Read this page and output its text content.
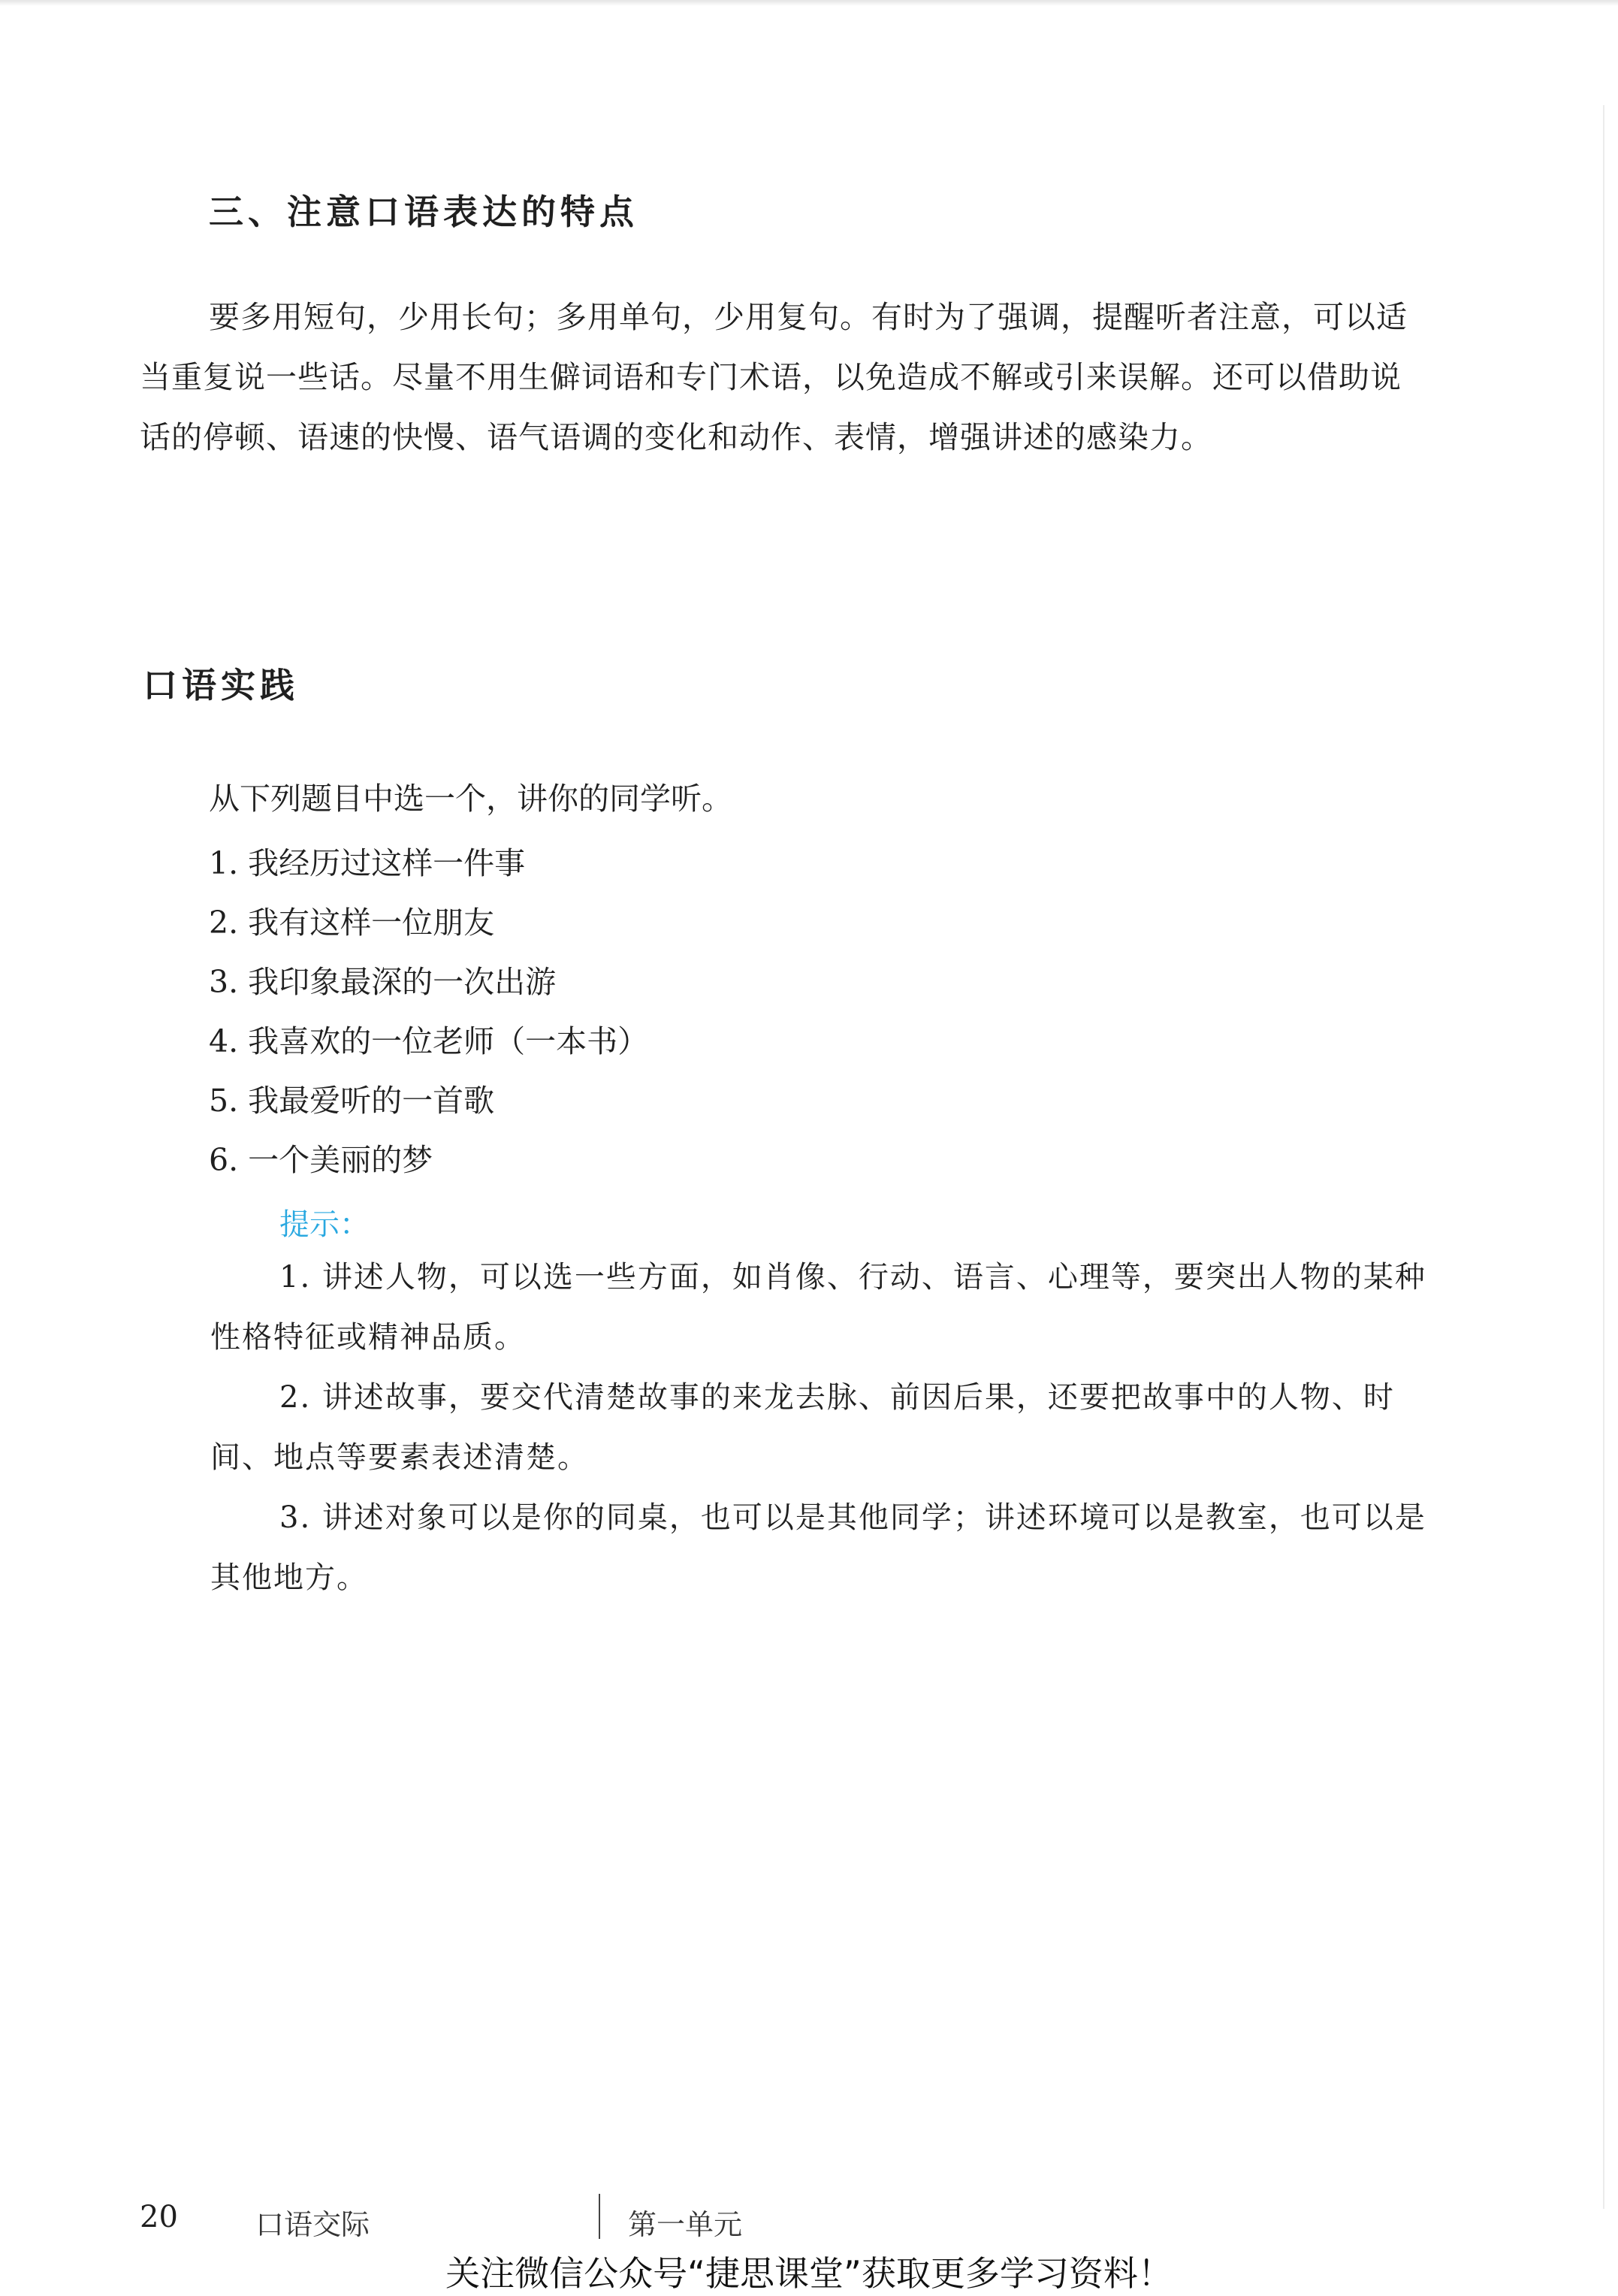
三、注意口语表达的特点

要多用短句，少用长句；多用单句，少用复句。有时为了强调，提醒听者注意，可以适当重复说一些话。尽量不用生僻词语和专门术语，以免造成不解或引来误解。还可以借助说话的停顿、语速的快慢、语气语调的变化和动作、表情，增强讲述的感染力。

口语实践

从下列题目中选一个，讲你的同学听。

1. 我经历过这样一件事
2. 我有这样一位朋友
3. 我印象最深的一次出游
4. 我喜欢的一位老师（一本书）
5. 我最爱听的一首歌
6. 一个美丽的梦

提示：

1. 讲述人物，可以选一些方面，如肖像、行动、语言、心理等，要突出人物的某种性格特征或精神品质。

2. 讲述故事，要交代清楚故事的来龙去脉、前因后果，还要把故事中的人物、时间、地点等要素表述清楚。

3. 讲述对象可以是你的同桌，也可以是其他同学；讲述环境可以是教室，也可以是其他地方。

20	口语交际	第一单元

关注微信公众号“捷思课堂”获取更多学习资料！
